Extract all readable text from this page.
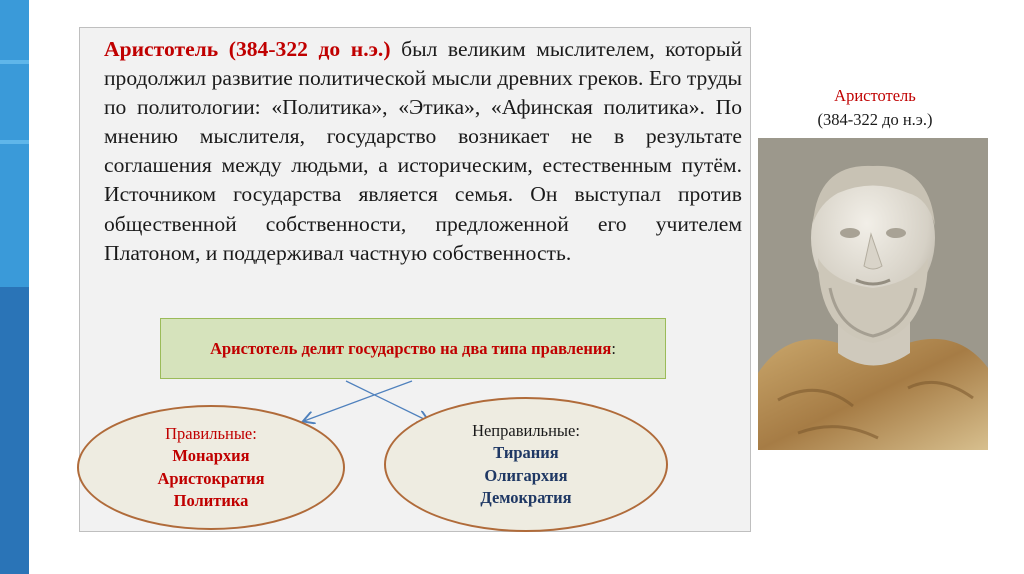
Аристотель (384-322 до н.э.) был великим мыслителем, который продолжил развитие политической мысли древних греков. Его труды по политологии: «Политика», «Этика», «Афинская политика». По мнению мыслителя, государство возникает не в результате соглашения между людьми, а историческим, естественным путём. Источником государства является семья. Он выступал против общественной собственности, предложенной его учителем Платоном, и поддерживал частную собственность.

Аристотель делит государство на два типа правления :
Правильные:
Монархия
Аристократия
Политика
Неправильные:
Тирания
Олигархия
Демократия
Аристотель
(384-322 до н.э.)
